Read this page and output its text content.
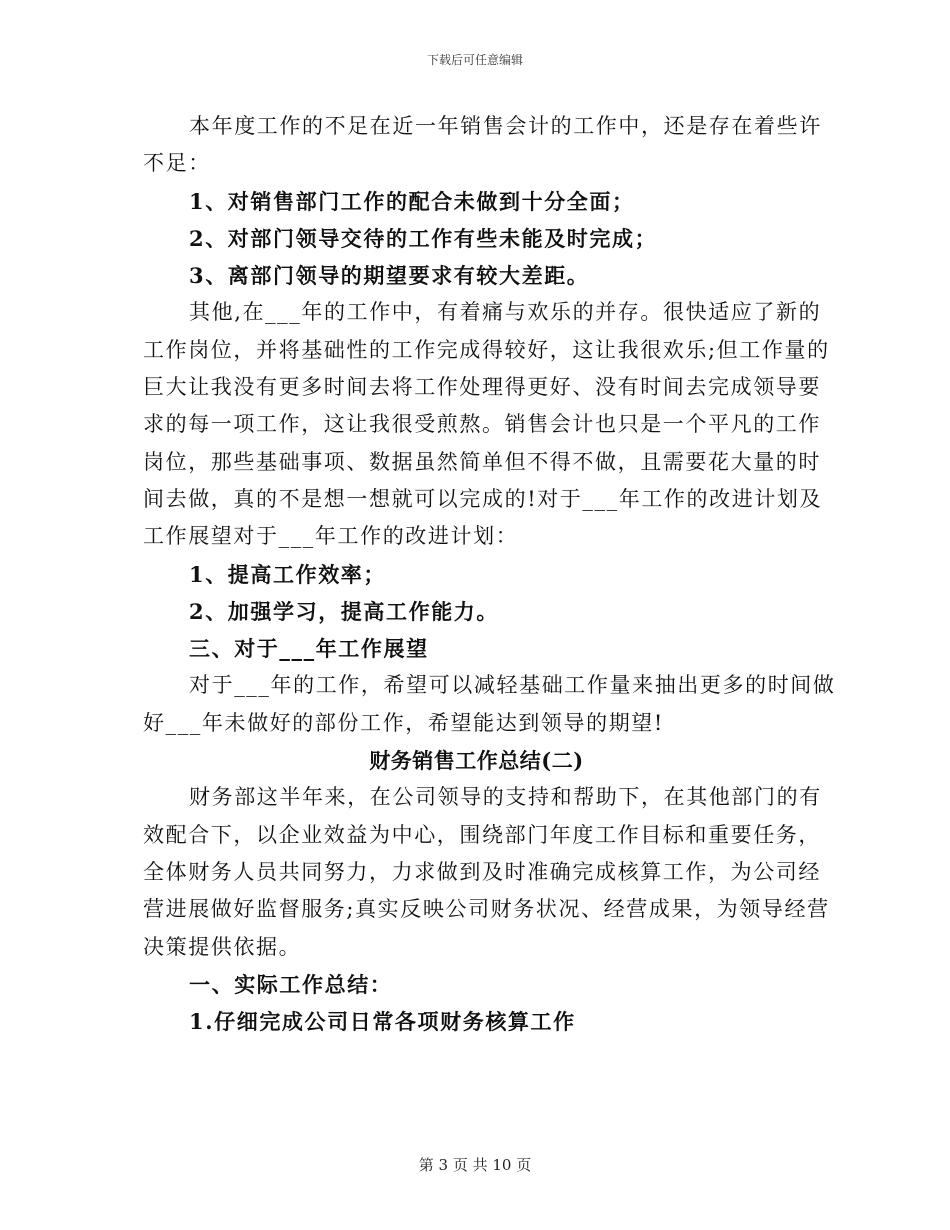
下载后可任意编辑
本年度工作的不足在近一年销售会计的工作中，还是存在着些许
不足：
1、对销售部门工作的配合未做到十分全面；
2、对部门领导交待的工作有些未能及时完成；
3、离部门领导的期望要求有较大差距。
其他,在___年的工作中，有着痛与欢乐的并存。很快适应了新的
工作岗位，并将基础性的工作完成得较好，这让我很欢乐;但工作量的
巨大让我没有更多时间去将工作处理得更好、没有时间去完成领导要
求的每一项工作，这让我很受煎熬。销售会计也只是一个平凡的工作
岗位，那些基础事项、数据虽然简单但不得不做，且需要花大量的时
间去做，真的不是想一想就可以完成的!对于___年工作的改进计划及
工作展望对于___年工作的改进计划：
1、提高工作效率；
2、加强学习，提高工作能力。
三、对于___年工作展望
对于___年的工作，希望可以减轻基础工作量来抽出更多的时间做
好___年未做好的部份工作，希望能达到领导的期望!
财务销售工作总结(二)
财务部这半年来，在公司领导的支持和帮助下，在其他部门的有
效配合下，以企业效益为中心，围绕部门年度工作目标和重要任务，
全体财务人员共同努力，力求做到及时准确完成核算工作，为公司经
营进展做好监督服务;真实反映公司财务状况、经营成果，为领导经营
决策提供依据。
一、实际工作总结：
1.仔细完成公司日常各项财务核算工作
第 3 页 共 10 页
